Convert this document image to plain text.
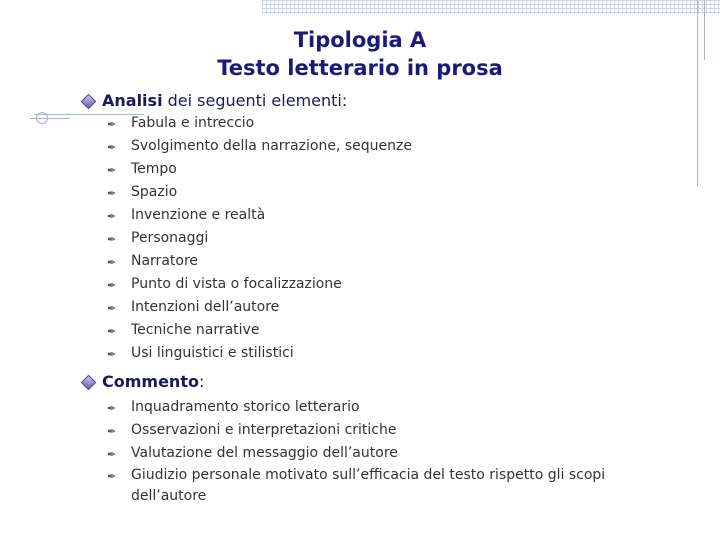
Tipologia A
Testo letterario in prosa
Analisi dei seguenti elementi:
✒	Fabula e intreccio
✒	Svolgimento della narrazione, sequenze
✒	Tempo
✒	Spazio
✒	Invenzione e realtà
✒	Personaggi
✒	Narratore
✒	Punto di vista o focalizzazione
✒	Intenzioni dell’autore
✒	Tecniche narrative
✒	Usi linguistici e stilistici
Commento:
✒	Inquadramento storico letterario
✒	Osservazioni e interpretazioni critiche
✒	Valutazione del messaggio dell’autore
✒	Giudizio personale motivato sull’efficacia del testo rispetto gli scopi dell’autore
